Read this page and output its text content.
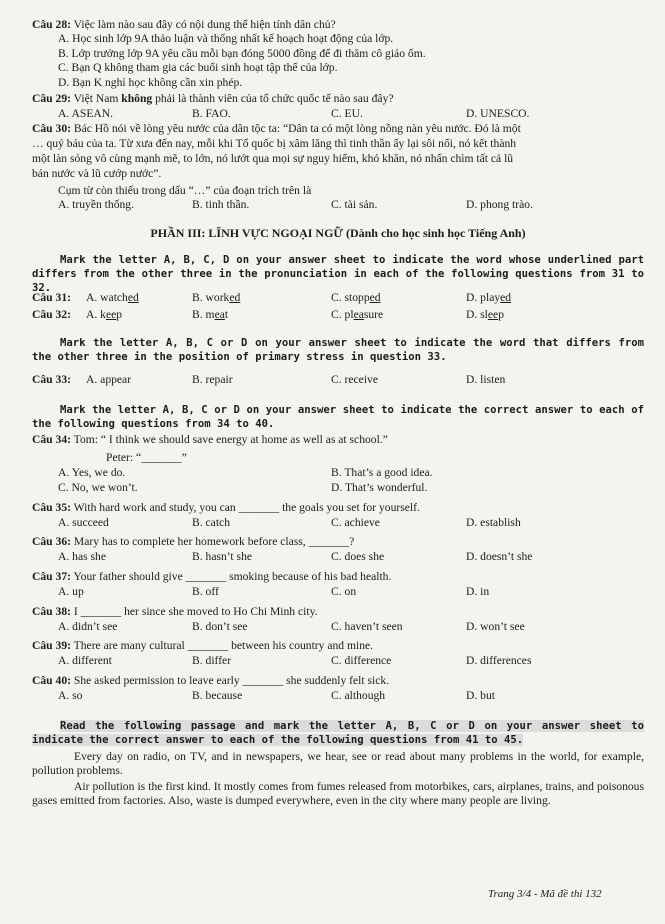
Câu 28: Việc làm nào sau đây có nội dung thể hiện tính dân chủ?
A. Học sinh lớp 9A thảo luận và thống nhất kế hoạch hoạt động của lớp.
B. Lớp trưởng lớp 9A yêu cầu mỗi bạn đóng 5000 đồng để đi thăm cô giáo ốm.
C. Bạn Q không tham gia các buổi sinh hoạt tập thể của lớp.
D. Bạn K nghỉ học không cần xin phép.
Câu 29: Việt Nam không phải là thành viên của tổ chức quốc tế nào sau đây?
A. ASEAN.	B. FAO.	C. EU.	D. UNESCO.
Câu 30: Bác Hồ nói về lòng yêu nước của dân tộc ta: “Dân ta có một lòng nồng nàn yêu nước. Đó là một
… quý báu của ta. Từ xưa đến nay, mỗi khi Tổ quốc bị xâm lăng thì tinh thần ấy lại sôi nổi, nó kết thành
một làn sóng vô cùng mạnh mẽ, to lớn, nó lướt qua mọi sự nguy hiểm, khó khăn, nó nhấn chìm tất cả lũ
bán nước và lũ cướp nước”.
Cụm từ còn thiếu trong dấu “…” của đoạn trích trên là
A. truyền thống.	B. tinh thần.	C. tài sản.	D. phong trào.
PHẦN III: LĨNH VỰC NGOẠI NGỮ (Dành cho học sinh học Tiếng Anh)
Mark the letter A, B, C, D on your answer sheet to indicate the word whose underlined part differs from the other three in the pronunciation in each of the following questions from 31 to 32.
Câu 31:	A. watched	B. worked	C. stopped	D. played
Câu 32:	A. keep	B. meat	C. pleasure	D. sleep
Mark the letter A, B, C or D on your answer sheet to indicate the word that differs from the other three in the position of primary stress in question 33.
Câu 33:	A. appear	B. repair	C. receive	D. listen
Mark the letter A, B, C or D on your answer sheet to indicate the correct answer to each of the following questions from 34 to 40.
Câu 34: Tom: “ I think we should save energy at home as well as at school.”
Peter: “_______”
A. Yes, we do.	B. That’s a good idea.
C. No, we won’t.	D. That’s wonderful.
Câu 35: With hard work and study, you can _______ the goals you set for yourself.
A. succeed	B. catch	C. achieve	D. establish
Câu 36: Mary has to complete her homework before class, _______?
A. has she	B. hasn’t she	C. does she	D. doesn’t she
Câu 37: Your father should give _______ smoking because of his bad health.
A. up	B. off	C. on	D. in
Câu 38: I _______ her since she moved to Ho Chi Minh city.
A. didn’t see	B. don’t see	C. haven’t seen	D. won’t see
Câu 39: There are many cultural _______ between his country and mine.
A. different	B. differ	C. difference	D. differences
Câu 40: She asked permission to leave early _______ she suddenly felt sick.
A. so	B. because	C. although	D. but
Read the following passage and mark the letter A, B, C or D on your answer sheet to indicate the correct answer to each of the following questions from 41 to 45.
Every day on radio, on TV, and in newspapers, we hear, see or read about many problems in the world, for example, pollution problems.
Air pollution is the first kind. It mostly comes from fumes released from motorbikes, cars, airplanes, trains, and poisonous gases emitted from factories. Also, waste is dumped everywhere, even in the city where many people are living.
Trang 3/4 - Mã đề thi 132
